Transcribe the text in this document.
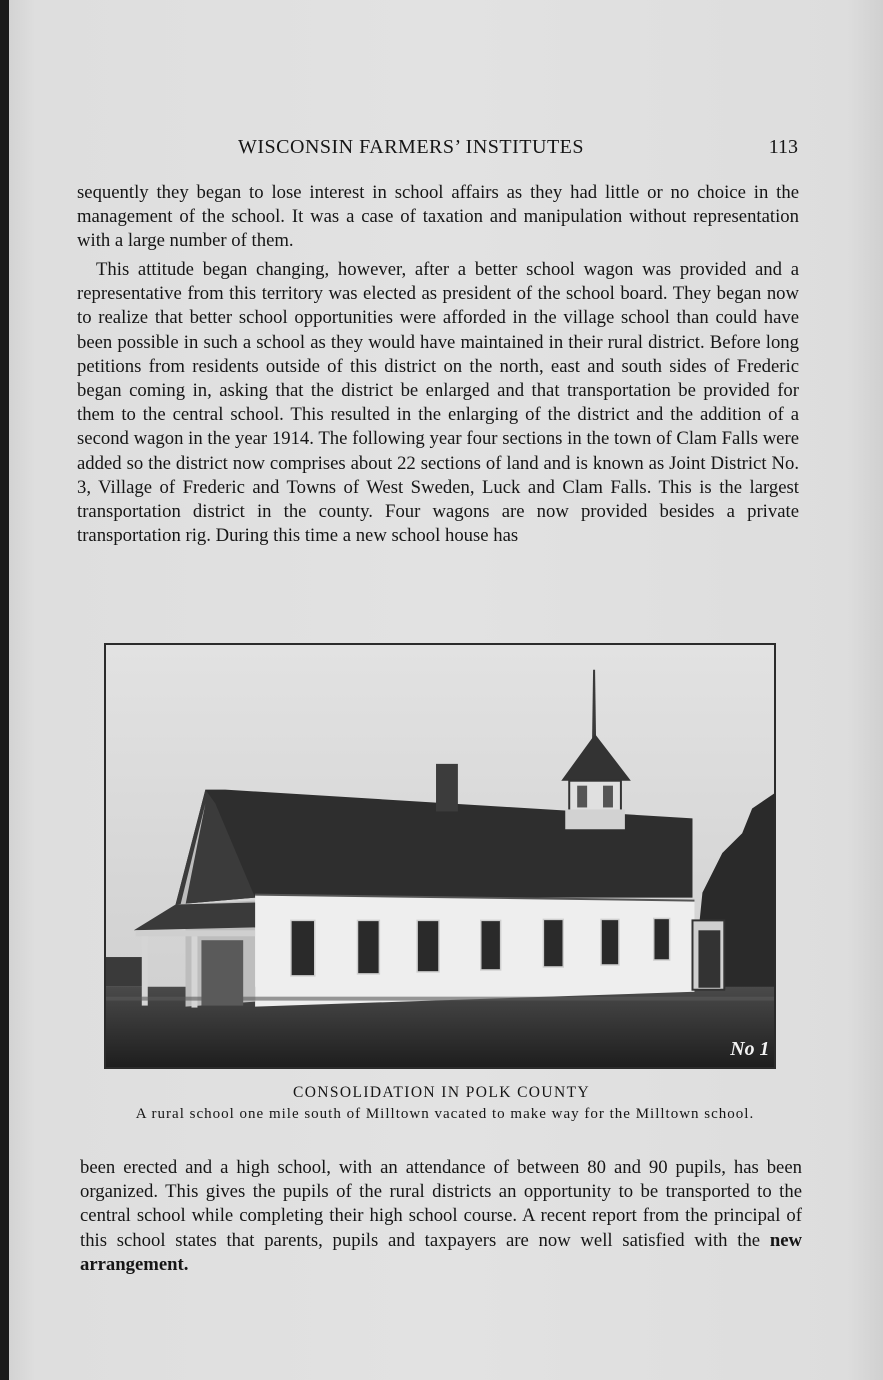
WISCONSIN FARMERS’ INSTITUTES	113

sequently they began to lose interest in school affairs as they had little or no choice in the management of the school. It was a case of taxation and manipulation without representation with a large number of them.

This attitude began changing, however, after a better school wagon was provided and a representative from this territory was elected as president of the school board. They began now to realize that better school opportunities were afforded in the village school than could have been possible in such a school as they would have maintained in their rural district. Before long petitions from residents outside of this district on the north, east and south sides of Frederic began coming in, asking that the district be enlarged and that transportation be provided for them to the central school. This resulted in the enlarging of the district and the addition of a second wagon in the year 1914. The following year four sections in the town of Clam Falls were added so the district now comprises about 22 sections of land and is known as Joint District No. 3, Village of Frederic and Towns of West Sweden, Luck and Clam Falls. This is the largest transportation district in the county. Four wagons are now provided besides a private transportation rig. During this time a new school house has

No 1
CONSOLIDATION IN POLK COUNTY
A rural school one mile south of Milltown vacated to make way for the Milltown school.

been erected and a high school, with an attendance of between 80 and 90 pupils, has been organized. This gives the pupils of the rural districts an opportunity to be transported to the central school while completing their high school course. A recent report from the principal of this school states that parents, pupils and taxpayers are now well satisfied with the new arrangement.
